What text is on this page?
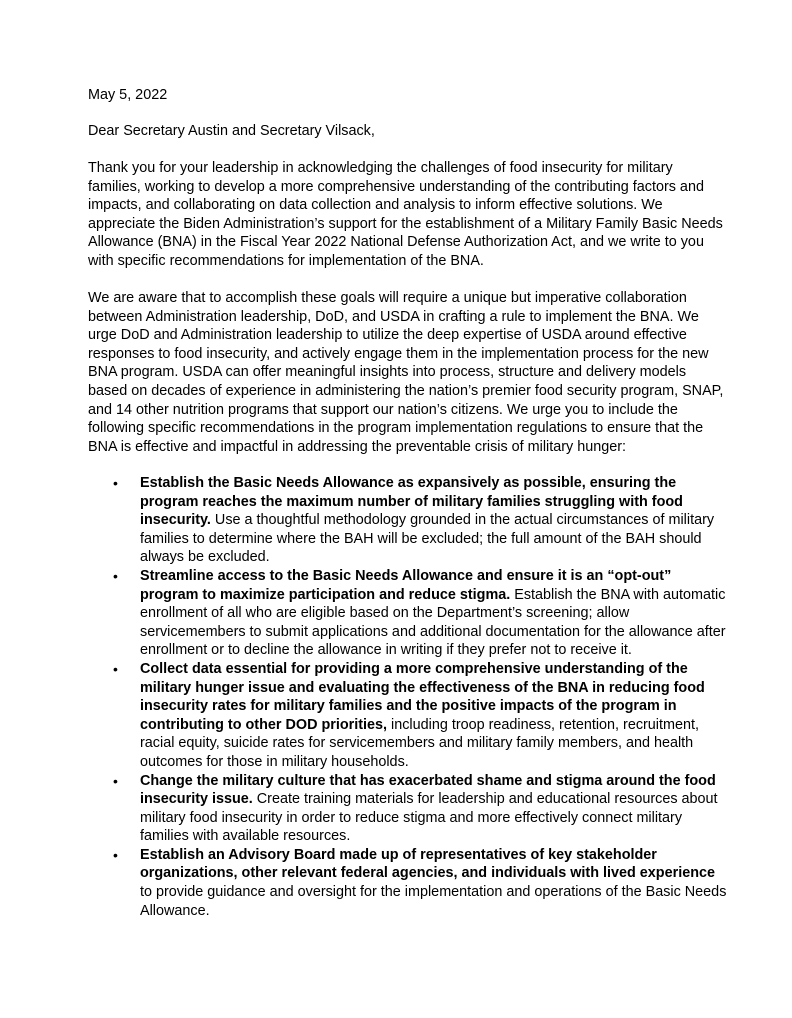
May 5, 2022
Dear Secretary Austin and Secretary Vilsack,
Thank you for your leadership in acknowledging the challenges of food insecurity for military
families, working to develop a more comprehensive understanding of the contributing factors and
impacts, and collaborating on data collection and analysis to inform effective solutions. We
appreciate the Biden Administration’s support for the establishment of a Military Family Basic Needs
Allowance (BNA) in the Fiscal Year 2022 National Defense Authorization Act, and we write to you
with specific recommendations for implementation of the BNA.
We are aware that to accomplish these goals will require a unique but imperative collaboration
between Administration leadership, DoD, and USDA in crafting a rule to implement the BNA. We
urge DoD and Administration leadership to utilize the deep expertise of USDA around effective
responses to food insecurity, and actively engage them in the implementation process for the new
BNA program. USDA can offer meaningful insights into process, structure and delivery models
based on decades of experience in administering the nation’s premier food security program, SNAP,
and 14 other nutrition programs that support our nation’s citizens. We urge you to include the
following specific recommendations in the program implementation regulations to ensure that the
BNA is effective and impactful in addressing the preventable crisis of military hunger:
• Establish the Basic Needs Allowance as expansively as possible, ensuring the
program reaches the maximum number of military families struggling with food
insecurity. Use a thoughtful methodology grounded in the actual circumstances of military
families to determine where the BAH will be excluded; the full amount of the BAH should
always be excluded.
• Streamline access to the Basic Needs Allowance and ensure it is an “opt-out”
program to maximize participation and reduce stigma. Establish the BNA with automatic
enrollment of all who are eligible based on the Department’s screening; allow
servicemembers to submit applications and additional documentation for the allowance after
enrollment or to decline the allowance in writing if they prefer not to receive it.
• Collect data essential for providing a more comprehensive understanding of the
military hunger issue and evaluating the effectiveness of the BNA in reducing food
insecurity rates for military families and the positive impacts of the program in
contributing to other DOD priorities, including troop readiness, retention, recruitment,
racial equity, suicide rates for servicemembers and military family members, and health
outcomes for those in military households.
• Change the military culture that has exacerbated shame and stigma around the food
insecurity issue. Create training materials for leadership and educational resources about
military food insecurity in order to reduce stigma and more effectively connect military
families with available resources.
• Establish an Advisory Board made up of representatives of key stakeholder
organizations, other relevant federal agencies, and individuals with lived experience
to provide guidance and oversight for the implementation and operations of the Basic Needs
Allowance.
